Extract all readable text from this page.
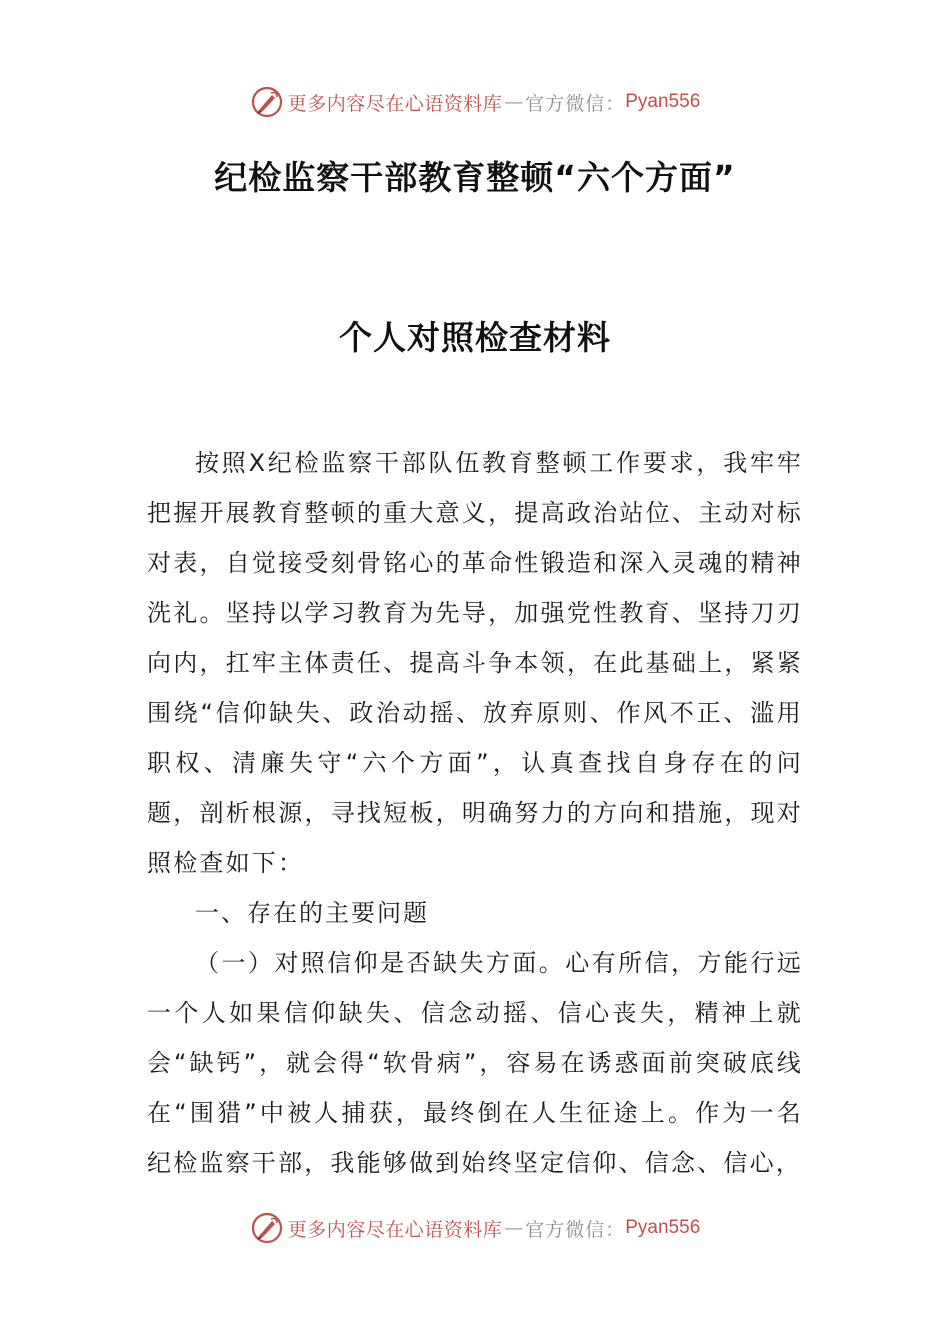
更多内容尽在心语资料库 — 官方微信： Pyan556
纪检监察干部教育整顿“六个方面”
个人对照检查材料

按照X纪检监察干部队伍教育整顿工作要求，我牢牢把握开展教育整顿的重大意义，提高政治站位、主动对标对表，自觉接受刻骨铭心的革命性锻造和深入灵魂的精神洗礼。坚持以学习教育为先导，加强党性教育、坚持刀刃向内，扛牢主体责任、提高斗争本领，在此基础上，紧紧围绕“信仰缺失、政治动摇、放弃原则、作风不正、滥用职权、清廉失守“六个方面”，认真查找自身存在的问题，剖析根源，寻找短板，明确努力的方向和措施，现对照检查如下：

一、存在的主要问题

（一）对照信仰是否缺失方面。心有所信，方能行远一个人如果信仰缺失、信念动摇、信心丧失，精神上就会“缺钙”，就会得“软骨病”，容易在诱惑面前突破底线在“围猎”中被人捕获，最终倒在人生征途上。作为一名纪检监察干部，我能够做到始终坚定信仰、信念、信心，

更多内容尽在心语资料库 — 官方微信： Pyan556
